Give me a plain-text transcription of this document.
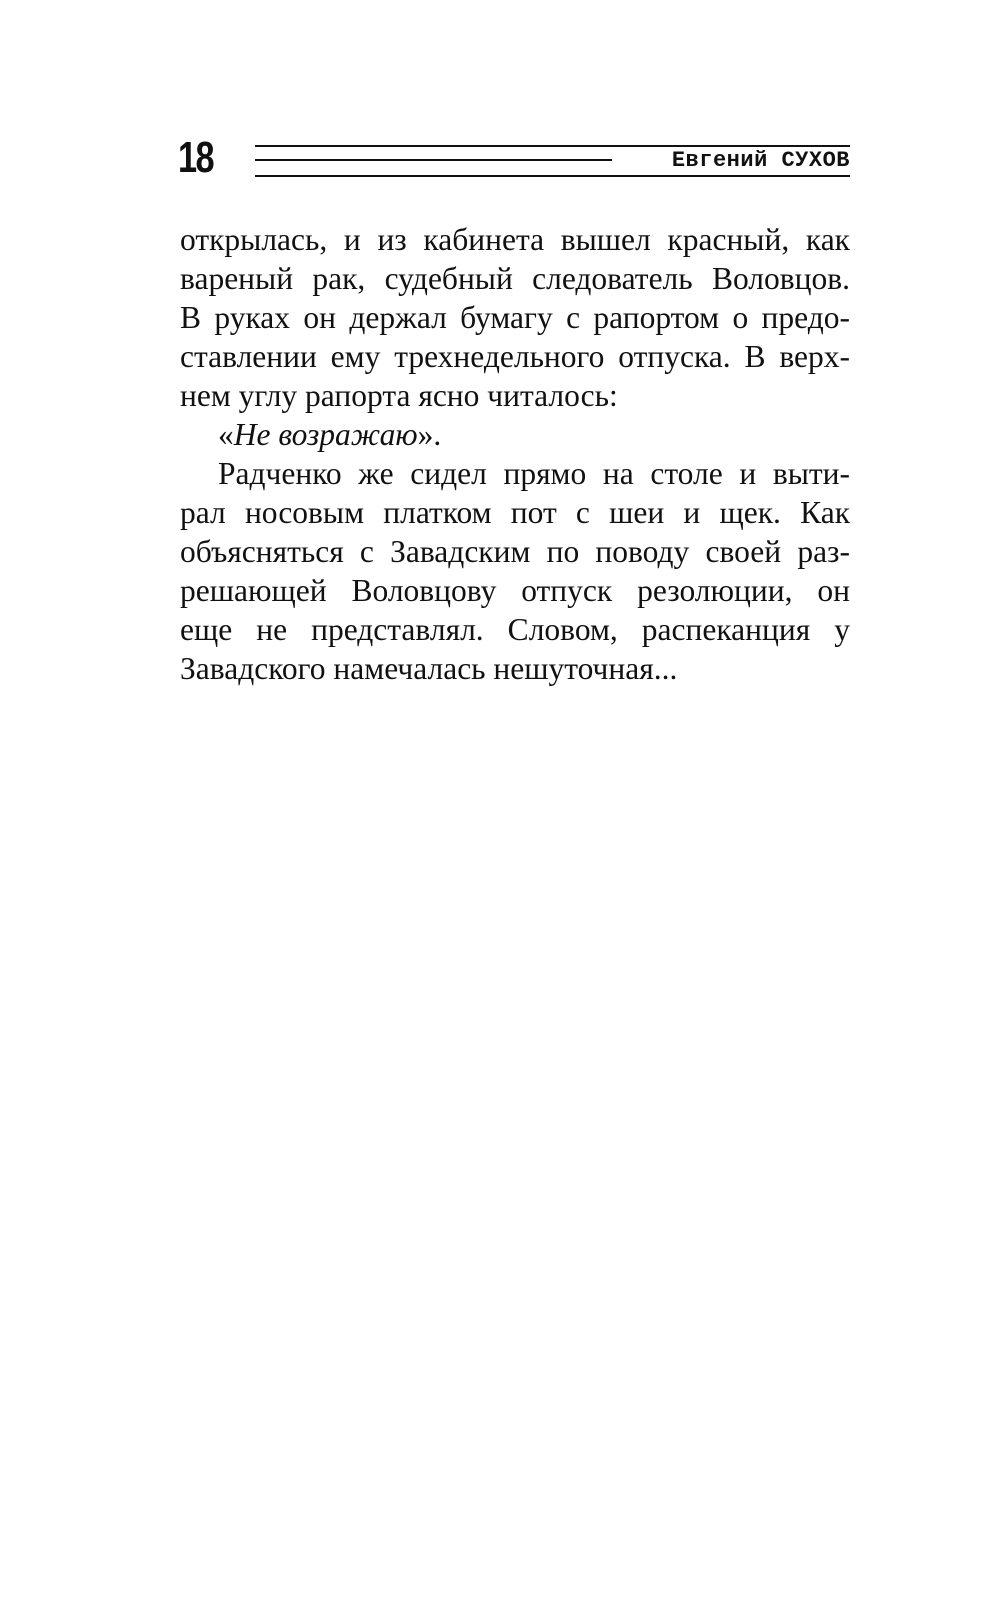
18	Евгений СУХОВ

открылась, и из кабинета вышел красный, как
вареный рак, судебный следователь Воловцов.
В руках он держал бумагу с рапортом о предо-
ставлении ему трехнедельного отпуска. В верх-
нем углу рапорта ясно читалось:

«Не возражаю».

Радченко же сидел прямо на столе и выти-
рал носовым платком пот с шеи и щек. Как
объясняться с Завадским по поводу своей раз-
решающей Воловцову отпуск резолюции, он
еще не представлял. Словом, распеканция у
Завадского намечалась нешуточная...
